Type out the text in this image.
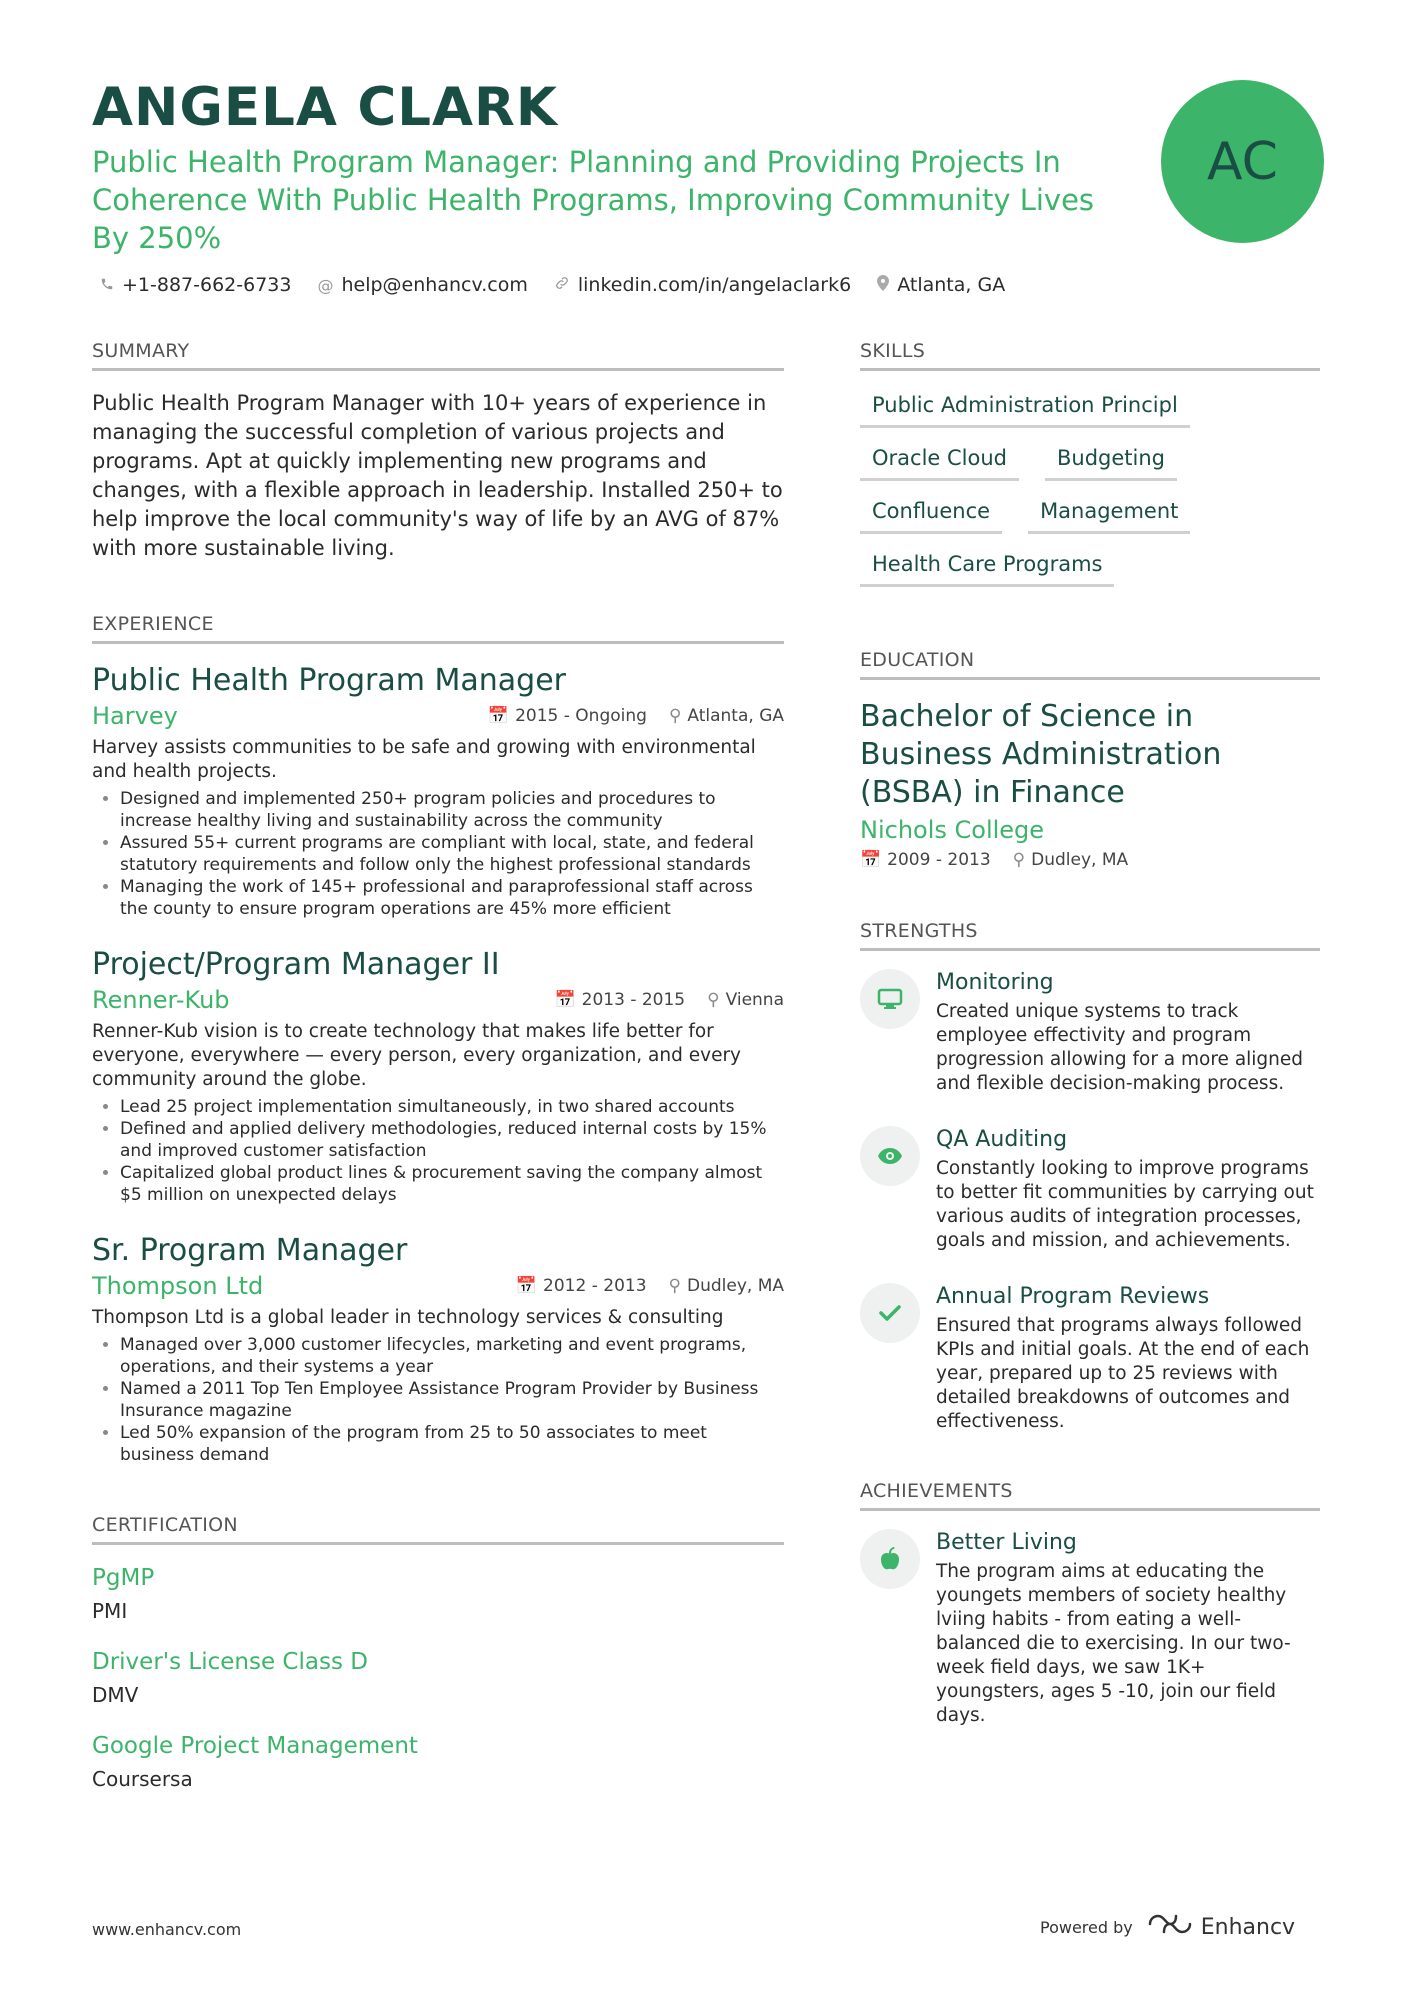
ANGELA CLARK
Public Health Program Manager: Planning and Providing Projects In Coherence With Public Health Programs, Improving Community Lives By 250%
AC
+1-887-662-6733 @ help@enhancv.com	linkedin.com/in/angelaclark6 Atlanta, GA
SUMMARY
Public Health Program Manager with 10+ years of experience in managing the successful completion of various projects and programs. Apt at quickly implementing new programs and changes, with a flexible approach in leadership. Installed 250+ to help improve the local community's way of life by an AVG of 87% with more sustainable living.
EXPERIENCE
Public Health Program Manager
Harvey	📅 2015 - Ongoing ⚲ Atlanta, GA
Harvey assists communities to be safe and growing with environmental and health projects.
• Designed and implemented 250+ program policies and procedures to increase healthy living and sustainability across the community
• Assured 55+ current programs are compliant with local, state, and federal statutory requirements and follow only the highest professional standards
• Managing the work of 145+ professional and paraprofessional staff across the county to ensure program operations are 45% more efficient
Project/Program Manager II
Renner-Kub	📅 2013 - 2015 ⚲ Vienna
Renner-Kub vision is to create technology that makes life better for everyone, everywhere — every person, every organization, and every community around the globe.
• Lead 25 project implementation simultaneously, in two shared accounts
• Defined and applied delivery methodologies, reduced internal costs by 15% and improved customer satisfaction
• Capitalized global product lines & procurement saving the company almost $5 million on unexpected delays
Sr. Program Manager
Thompson Ltd	📅 2012 - 2013 ⚲ Dudley, MA
Thompson Ltd is a global leader in technology services & consulting
• Managed over 3,000 customer lifecycles, marketing and event programs, operations, and their systems a year
• Named a 2011 Top Ten Employee Assistance Program Provider by Business Insurance magazine
• Led 50% expansion of the program from 25 to 50 associates to meet business demand
CERTIFICATION
PgMP
PMI
Driver's License Class D
DMV
Google Project Management
Coursersa
SKILLS
Public Administration Principl
Oracle Cloud	Budgeting
Confluence	Management
Health Care Programs
EDUCATION
Bachelor of Science in Business Administration (BSBA) in Finance
Nichols College
📅 2009 - 2013 ⚲ Dudley, MA
STRENGTHS
Monitoring
Created unique systems to track employee effectivity and program progression allowing for a more aligned and flexible decision-making process.
QA Auditing
Constantly looking to improve programs to better fit communities by carrying out various audits of integration processes, goals and mission, and achievements.
Annual Program Reviews
Ensured that programs always followed KPIs and initial goals. At the end of each year, prepared up to 25 reviews with detailed breakdowns of outcomes and effectiveness.
ACHIEVEMENTS
Better Living
The program aims at educating the youngets members of society healthy lviing habits - from eating a well-balanced die to exercising. In our two-week field days, we saw 1K+ youngsters, ages 5 -10, join our field days.
www.enhancv.com	Powered by	Enhancv
